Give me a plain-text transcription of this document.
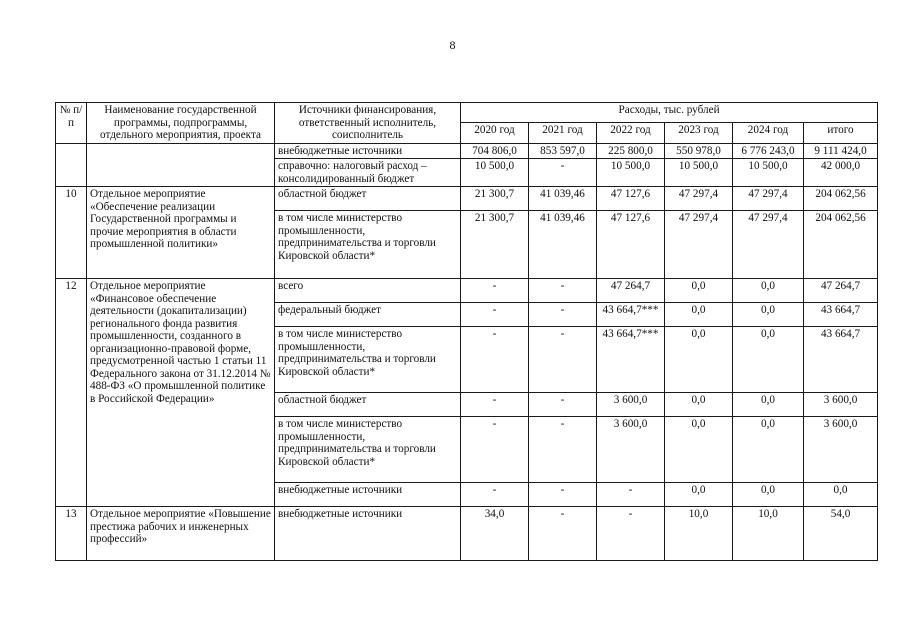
8
№ п/п	Наименование государственной программы, подпрограммы, отдельного мероприятия, проекта	Источники финансирования, ответственный исполнитель, соисполнитель	Расходы, тыс. рублей					
			2020 год	2021 год	2022 год	2023 год	2024 год	итого
		внебюджетные источники	704 806,0	853 597,0	225 800,0	550 978,0	6 776 243,0	9 111 424,0
		справочно: налоговый расход – консолидированный бюджет	10 500,0	-	10 500,0	10 500,0	10 500,0	42 000,0
10	Отдельное мероприятие «Обеспечение реализации Государственной программы и прочие мероприятия в области промышленной политики»	областной бюджет	21 300,7	41 039,46	47 127,6	47 297,4	47 297,4	204 062,56
		в том числе министерство промышленности, предпринимательства и торговли Кировской области*	21 300,7	41 039,46	47 127,6	47 297,4	47 297,4	204 062,56
12	Отдельное мероприятие «Финансовое обеспечение деятельности (докапитализации) регионального фонда развития промышленности, созданного в организационно-правовой форме, предусмотренной частью 1 статьи 11 Федерального закона от 31.12.2014 № 488-ФЗ «О промышленной политике в Российской Федерации»	всего	-	-	47 264,7	0,0	0,0	47 264,7
		федеральный бюджет	-	-	43 664,7***	0,0	0,0	43 664,7
		в том числе министерство промышленности, предпринимательства и торговли Кировской области*	-	-	43 664,7***	0,0	0,0	43 664,7
		областной бюджет	-	-	3 600,0	0,0	0,0	3 600,0
		в том числе министерство промышленности, предпринимательства и торговли Кировской области*	-	-	3 600,0	0,0	0,0	3 600,0
		внебюджетные источники	-	-	-	0,0	0,0	0,0
13	Отдельное мероприятие «Повышение престижа рабочих и инженерных профессий»	внебюджетные источники	34,0	-	-	10,0	10,0	54,0
